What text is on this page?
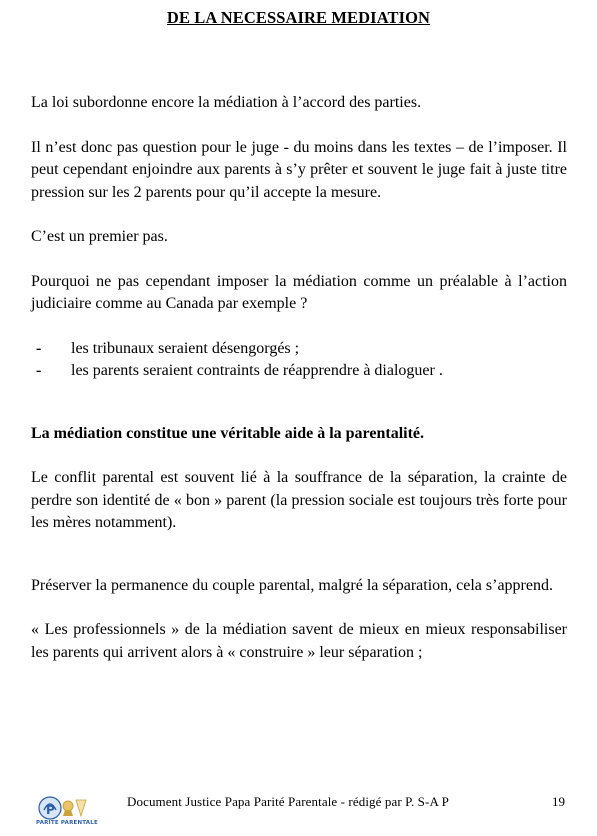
DE LA NECESSAIRE MEDIATION

La loi subordonne encore la médiation à l’accord des parties.

Il n’est donc pas question pour le juge - du moins dans les textes – de l’imposer. Il peut cependant enjoindre aux parents à s’y prêter et souvent le juge fait à juste titre pression sur les 2 parents pour qu’il accepte la mesure.

C’est un premier pas.

Pourquoi ne pas cependant imposer la médiation comme un préalable à l’action judiciaire comme au Canada par exemple ?

- les tribunaux seraient désengorgés ;
- les parents seraient contraints de réapprendre à dialoguer .

La médiation constitue une véritable aide à la parentalité.

Le conflit parental est souvent lié à la souffrance de la séparation, la crainte de perdre son identité de « bon » parent (la pression sociale est toujours très forte pour les mères notamment).

Préserver la permanence du couple parental, malgré la séparation, cela s’apprend.

« Les professionnels » de la médiation savent de mieux en mieux responsabiliser les parents qui arrivent alors à « construire » leur séparation ;

P
PARITE PARENTALE
Document Justice Papa Parité Parentale - rédigé par P. S-A P	19
